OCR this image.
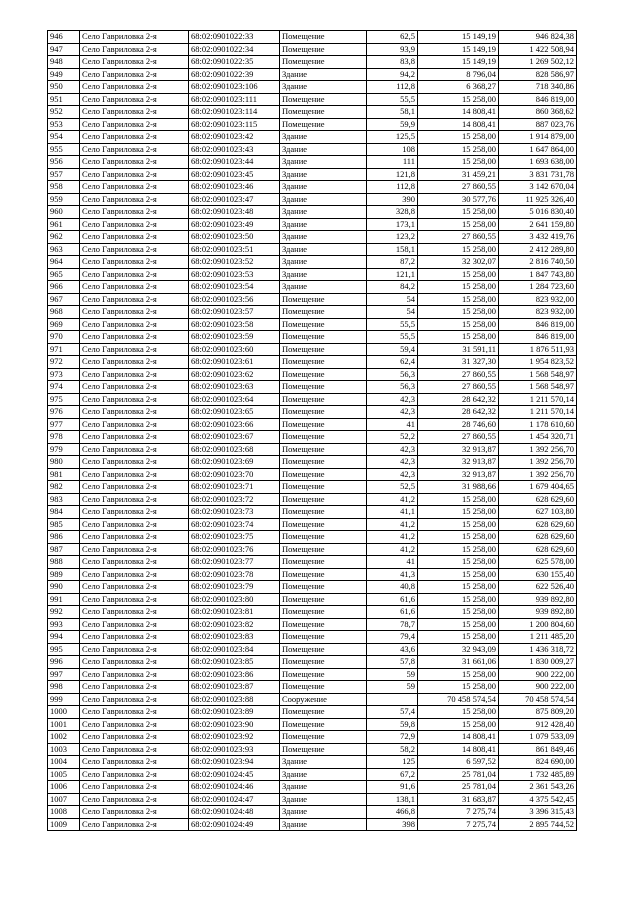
946	Село Гавриловка 2-я	68:02:0901022:33	Помещение	62,5	15 149,19	946 824,38
947	Село Гавриловка 2-я	68:02:0901022:34	Помещение	93,9	15 149,19	1 422 508,94
948	Село Гавриловка 2-я	68:02:0901022:35	Помещение	83,8	15 149,19	1 269 502,12
949	Село Гавриловка 2-я	68:02:0901022:39	Здание	94,2	8 796,04	828 586,97
950	Село Гавриловка 2-я	68:02:0901023:106	Здание	112,8	6 368,27	718 340,86
951	Село Гавриловка 2-я	68:02:0901023:111	Помещение	55,5	15 258,00	846 819,00
952	Село Гавриловка 2-я	68:02:0901023:114	Помещение	58,1	14 808,41	860 368,62
953	Село Гавриловка 2-я	68:02:0901023:115	Помещение	59,9	14 808,41	887 023,76
954	Село Гавриловка 2-я	68:02:0901023:42	Здание	125,5	15 258,00	1 914 879,00
955	Село Гавриловка 2-я	68:02:0901023:43	Здание	108	15 258,00	1 647 864,00
956	Село Гавриловка 2-я	68:02:0901023:44	Здание	111	15 258,00	1 693 638,00
957	Село Гавриловка 2-я	68:02:0901023:45	Здание	121,8	31 459,21	3 831 731,78
958	Село Гавриловка 2-я	68:02:0901023:46	Здание	112,8	27 860,55	3 142 670,04
959	Село Гавриловка 2-я	68:02:0901023:47	Здание	390	30 577,76	11 925 326,40
960	Село Гавриловка 2-я	68:02:0901023:48	Здание	328,8	15 258,00	5 016 830,40
961	Село Гавриловка 2-я	68:02:0901023:49	Здание	173,1	15 258,00	2 641 159,80
962	Село Гавриловка 2-я	68:02:0901023:50	Здание	123,2	27 860,55	3 432 419,76
963	Село Гавриловка 2-я	68:02:0901023:51	Здание	158,1	15 258,00	2 412 289,80
964	Село Гавриловка 2-я	68:02:0901023:52	Здание	87,2	32 302,07	2 816 740,50
965	Село Гавриловка 2-я	68:02:0901023:53	Здание	121,1	15 258,00	1 847 743,80
966	Село Гавриловка 2-я	68:02:0901023:54	Здание	84,2	15 258,00	1 284 723,60
967	Село Гавриловка 2-я	68:02:0901023:56	Помещение	54	15 258,00	823 932,00
968	Село Гавриловка 2-я	68:02:0901023:57	Помещение	54	15 258,00	823 932,00
969	Село Гавриловка 2-я	68:02:0901023:58	Помещение	55,5	15 258,00	846 819,00
970	Село Гавриловка 2-я	68:02:0901023:59	Помещение	55,5	15 258,00	846 819,00
971	Село Гавриловка 2-я	68:02:0901023:60	Помещение	59,4	31 591,11	1 876 511,93
972	Село Гавриловка 2-я	68:02:0901023:61	Помещение	62,4	31 327,30	1 954 823,52
973	Село Гавриловка 2-я	68:02:0901023:62	Помещение	56,3	27 860,55	1 568 548,97
974	Село Гавриловка 2-я	68:02:0901023:63	Помещение	56,3	27 860,55	1 568 548,97
975	Село Гавриловка 2-я	68:02:0901023:64	Помещение	42,3	28 642,32	1 211 570,14
976	Село Гавриловка 2-я	68:02:0901023:65	Помещение	42,3	28 642,32	1 211 570,14
977	Село Гавриловка 2-я	68:02:0901023:66	Помещение	41	28 746,60	1 178 610,60
978	Село Гавриловка 2-я	68:02:0901023:67	Помещение	52,2	27 860,55	1 454 320,71
979	Село Гавриловка 2-я	68:02:0901023:68	Помещение	42,3	32 913,87	1 392 256,70
980	Село Гавриловка 2-я	68:02:0901023:69	Помещение	42,3	32 913,87	1 392 256,70
981	Село Гавриловка 2-я	68:02:0901023:70	Помещение	42,3	32 913,87	1 392 256,70
982	Село Гавриловка 2-я	68:02:0901023:71	Помещение	52,5	31 988,66	1 679 404,65
983	Село Гавриловка 2-я	68:02:0901023:72	Помещение	41,2	15 258,00	628 629,60
984	Село Гавриловка 2-я	68:02:0901023:73	Помещение	41,1	15 258,00	627 103,80
985	Село Гавриловка 2-я	68:02:0901023:74	Помещение	41,2	15 258,00	628 629,60
986	Село Гавриловка 2-я	68:02:0901023:75	Помещение	41,2	15 258,00	628 629,60
987	Село Гавриловка 2-я	68:02:0901023:76	Помещение	41,2	15 258,00	628 629,60
988	Село Гавриловка 2-я	68:02:0901023:77	Помещение	41	15 258,00	625 578,00
989	Село Гавриловка 2-я	68:02:0901023:78	Помещение	41,3	15 258,00	630 155,40
990	Село Гавриловка 2-я	68:02:0901023:79	Помещение	40,8	15 258,00	622 526,40
991	Село Гавриловка 2-я	68:02:0901023:80	Помещение	61,6	15 258,00	939 892,80
992	Село Гавриловка 2-я	68:02:0901023:81	Помещение	61,6	15 258,00	939 892,80
993	Село Гавриловка 2-я	68:02:0901023:82	Помещение	78,7	15 258,00	1 200 804,60
994	Село Гавриловка 2-я	68:02:0901023:83	Помещение	79,4	15 258,00	1 211 485,20
995	Село Гавриловка 2-я	68:02:0901023:84	Помещение	43,6	32 943,09	1 436 318,72
996	Село Гавриловка 2-я	68:02:0901023:85	Помещение	57,8	31 661,06	1 830 009,27
997	Село Гавриловка 2-я	68:02:0901023:86	Помещение	59	15 258,00	900 222,00
998	Село Гавриловка 2-я	68:02:0901023:87	Помещение	59	15 258,00	900 222,00
999	Село Гавриловка 2-я	68:02:0901023:88	Сооружение		70 458 574,54	70 458 574,54
1000	Село Гавриловка 2-я	68:02:0901023:89	Помещение	57,4	15 258,00	875 809,20
1001	Село Гавриловка 2-я	68:02:0901023:90	Помещение	59,8	15 258,00	912 428,40
1002	Село Гавриловка 2-я	68:02:0901023:92	Помещение	72,9	14 808,41	1 079 533,09
1003	Село Гавриловка 2-я	68:02:0901023:93	Помещение	58,2	14 808,41	861 849,46
1004	Село Гавриловка 2-я	68:02:0901023:94	Здание	125	6 597,52	824 690,00
1005	Село Гавриловка 2-я	68:02:0901024:45	Здание	67,2	25 781,04	1 732 485,89
1006	Село Гавриловка 2-я	68:02:0901024:46	Здание	91,6	25 781,04	2 361 543,26
1007	Село Гавриловка 2-я	68:02:0901024:47	Здание	138,1	31 683,87	4 375 542,45
1008	Село Гавриловка 2-я	68:02:0901024:48	Здание	466,8	7 275,74	3 396 315,43
1009	Село Гавриловка 2-я	68:02:0901024:49	Здание	398	7 275,74	2 895 744,52
